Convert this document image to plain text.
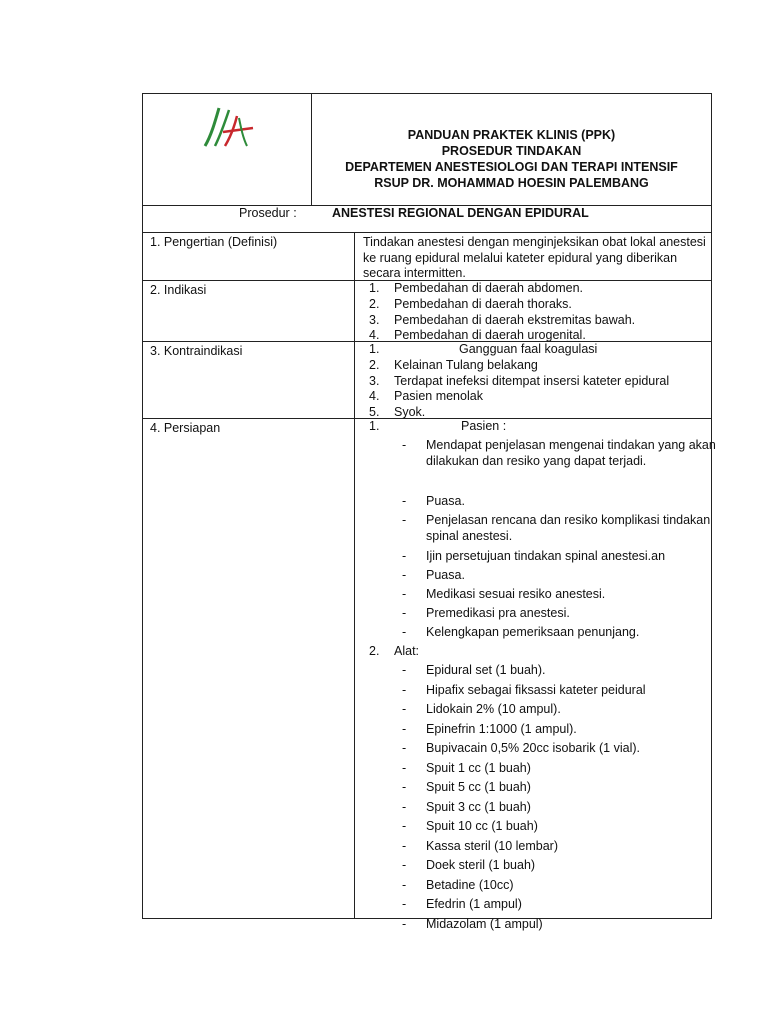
PANDUAN PRAKTEK KLINIS (PPK)
PROSEDUR TINDAKAN
DEPARTEMEN ANESTESIOLOGI DAN TERAPI INTENSIF
RSUP DR. MOHAMMAD HOESIN PALEMBANG
Prosedur :	ANESTESI REGIONAL DENGAN EPIDURAL
1. Pengertian (Definisi)	Tindakan anestesi dengan menginjeksikan obat lokal anestesi ke ruang epidural melalui kateter epidural yang diberikan secara intermitten.
2. Indikasi	1. Pembedahan di daerah abdomen.
2. Pembedahan di daerah thoraks.
3. Pembedahan di daerah ekstremitas bawah.
4. Pembedahan di daerah urogenital.
3. Kontraindikasi	1.	Gangguan faal koagulasi
2. Kelainan Tulang belakang
3. Terdapat inefeksi ditempat insersi kateter epidural
4. Pasien menolak
5. Syok.
4. Persiapan	1.	Pasien :
- Mendapat penjelasan mengenai tindakan yang akan dilakukan dan resiko yang dapat terjadi.
- Puasa.
- Penjelasan rencana dan resiko komplikasi tindakan spinal anestesi.
- Ijin persetujuan tindakan spinal anestesi.an
- Puasa.
- Medikasi sesuai resiko anestesi.
- Premedikasi pra anestesi.
- Kelengkapan pemeriksaan penunjang.
2. Alat:
- Epidural set (1 buah).
- Hipafix sebagai fiksassi kateter peidural
- Lidokain 2% (10 ampul).
- Epinefrin 1:1000 (1 ampul).
- Bupivacain 0,5% 20cc isobarik (1 vial).
- Spuit 1 cc (1 buah)
- Spuit 5 cc (1 buah)
- Spuit 3 cc (1 buah)
- Spuit 10 cc (1 buah)
- Kassa steril (10 lembar)
- Doek steril (1 buah)
- Betadine (10cc)
- Efedrin (1 ampul)
- Midazolam (1 ampul)
